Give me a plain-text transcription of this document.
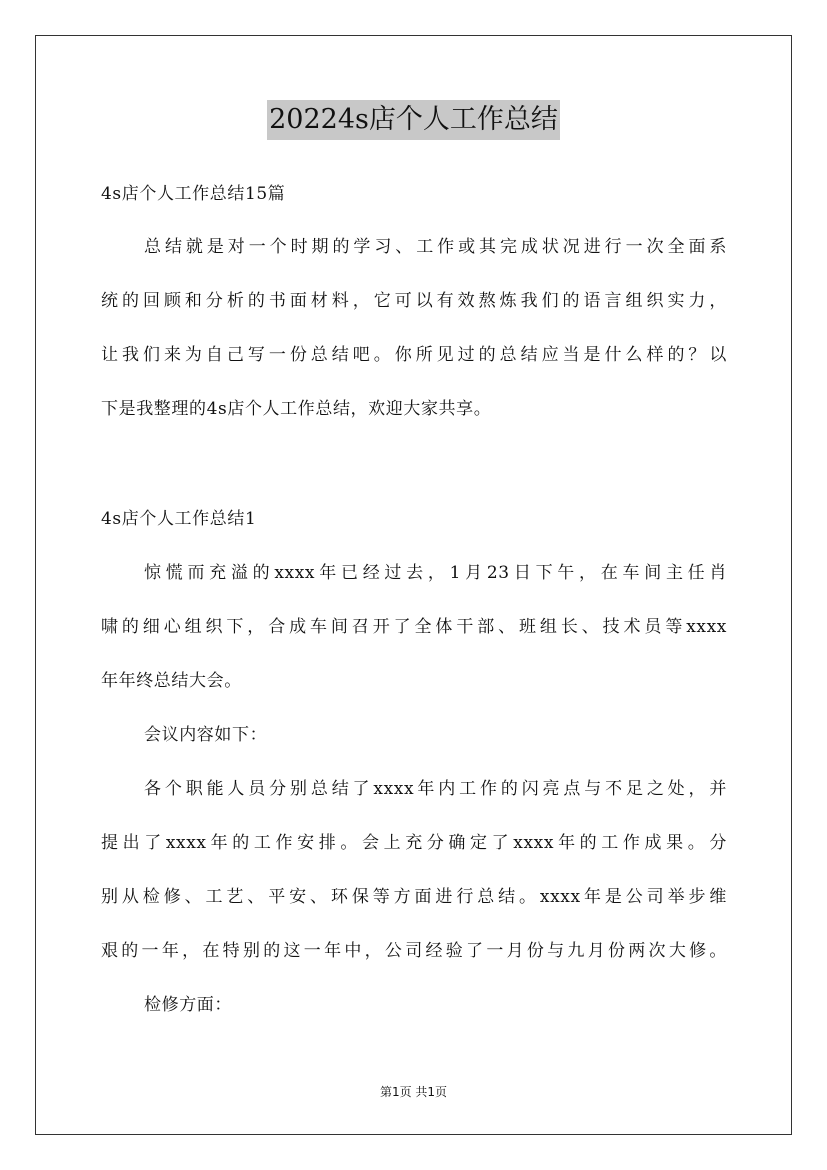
20224s店个人工作总结
4s店个人工作总结15篇
总结就是对一个时期的学习、工作或其完成状况进行一次全面系
统的回顾和分析的书面材料，它可以有效熬炼我们的语言组织实力，
让我们来为自己写一份总结吧。你所见过的总结应当是什么样的？以
下是我整理的4s店个人工作总结，欢迎大家共享。
4s店个人工作总结1
惊慌而充溢的xxxx年已经过去，1月23日下午，在车间主任肖
啸的细心组织下，合成车间召开了全体干部、班组长、技术员等xxxx
年年终总结大会。
会议内容如下：
各个职能人员分别总结了xxxx年内工作的闪亮点与不足之处，并
提出了xxxx年的工作安排。会上充分确定了xxxx年的工作成果。分
别从检修、工艺、平安、环保等方面进行总结。xxxx年是公司举步维
艰的一年，在特别的这一年中，公司经验了一月份与九月份两次大修。
检修方面：
第1页 共1页
